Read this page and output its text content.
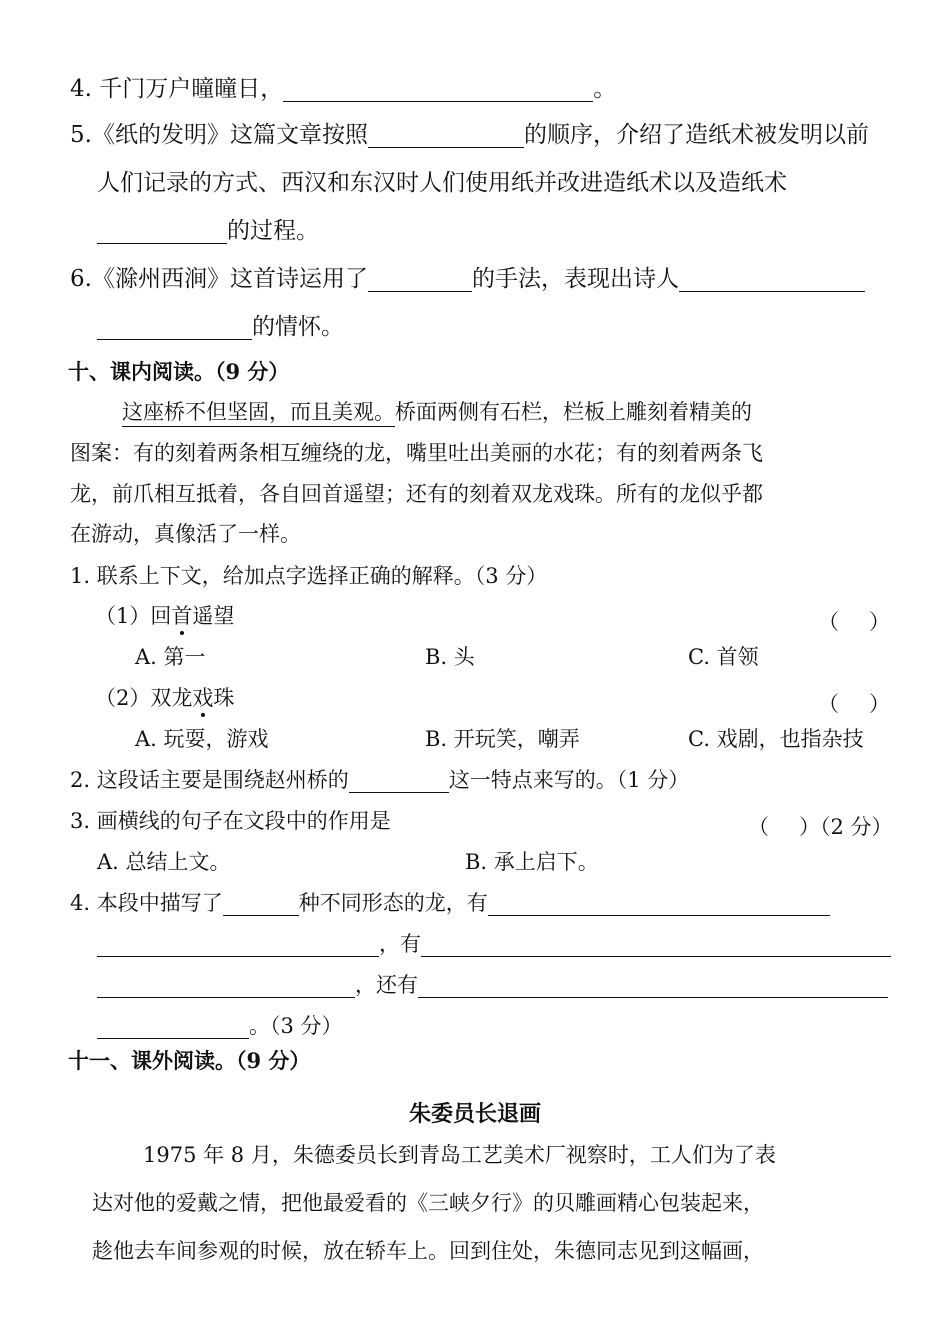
4. 千门万户曈曈日，	。
5.《纸的发明》这篇文章按照	的顺序，介绍了造纸术被发明以前
人们记录的方式、西汉和东汉时人们使用纸并改进造纸术以及造纸术
的过程。
6.《滁州西涧》这首诗运用了	的手法，表现出诗人
的情怀。
十、课内阅读。（9 分）
这座桥不但坚固，而且美观。桥面两侧有石栏，栏板上雕刻着精美的
图案：有的刻着两条相互缠绕的龙，嘴里吐出美丽的水花；有的刻着两条飞
龙，前爪相互抵着，各自回首遥望；还有的刻着双龙戏珠。所有的龙似乎都
在游动，真像活了一样。
1. 联系上下文，给加点字选择正确的解释。（3 分）
（1）回首遥望	（ ）
A. 第一	B. 头	C. 首领
（2）双龙戏珠	（ ）
A. 玩耍，游戏	B. 开玩笑，嘲弄	C. 戏剧，也指杂技
2. 这段话主要是围绕赵州桥的	这一特点来写的。（1 分）
3. 画横线的句子在文段中的作用是	（ ）（2 分）
A. 总结上文。	B. 承上启下。
4. 本段中描写了	种不同形态的龙，有
，有
，还有
。（3 分）
十一、课外阅读。（9 分）
朱委员长退画
1975 年 8 月，朱德委员长到青岛工艺美术厂视察时，工人们为了表
达对他的爱戴之情，把他最爱看的《三峡夕行》的贝雕画精心包装起来，
趁他去车间参观的时候，放在轿车上。回到住处，朱德同志见到这幅画，
